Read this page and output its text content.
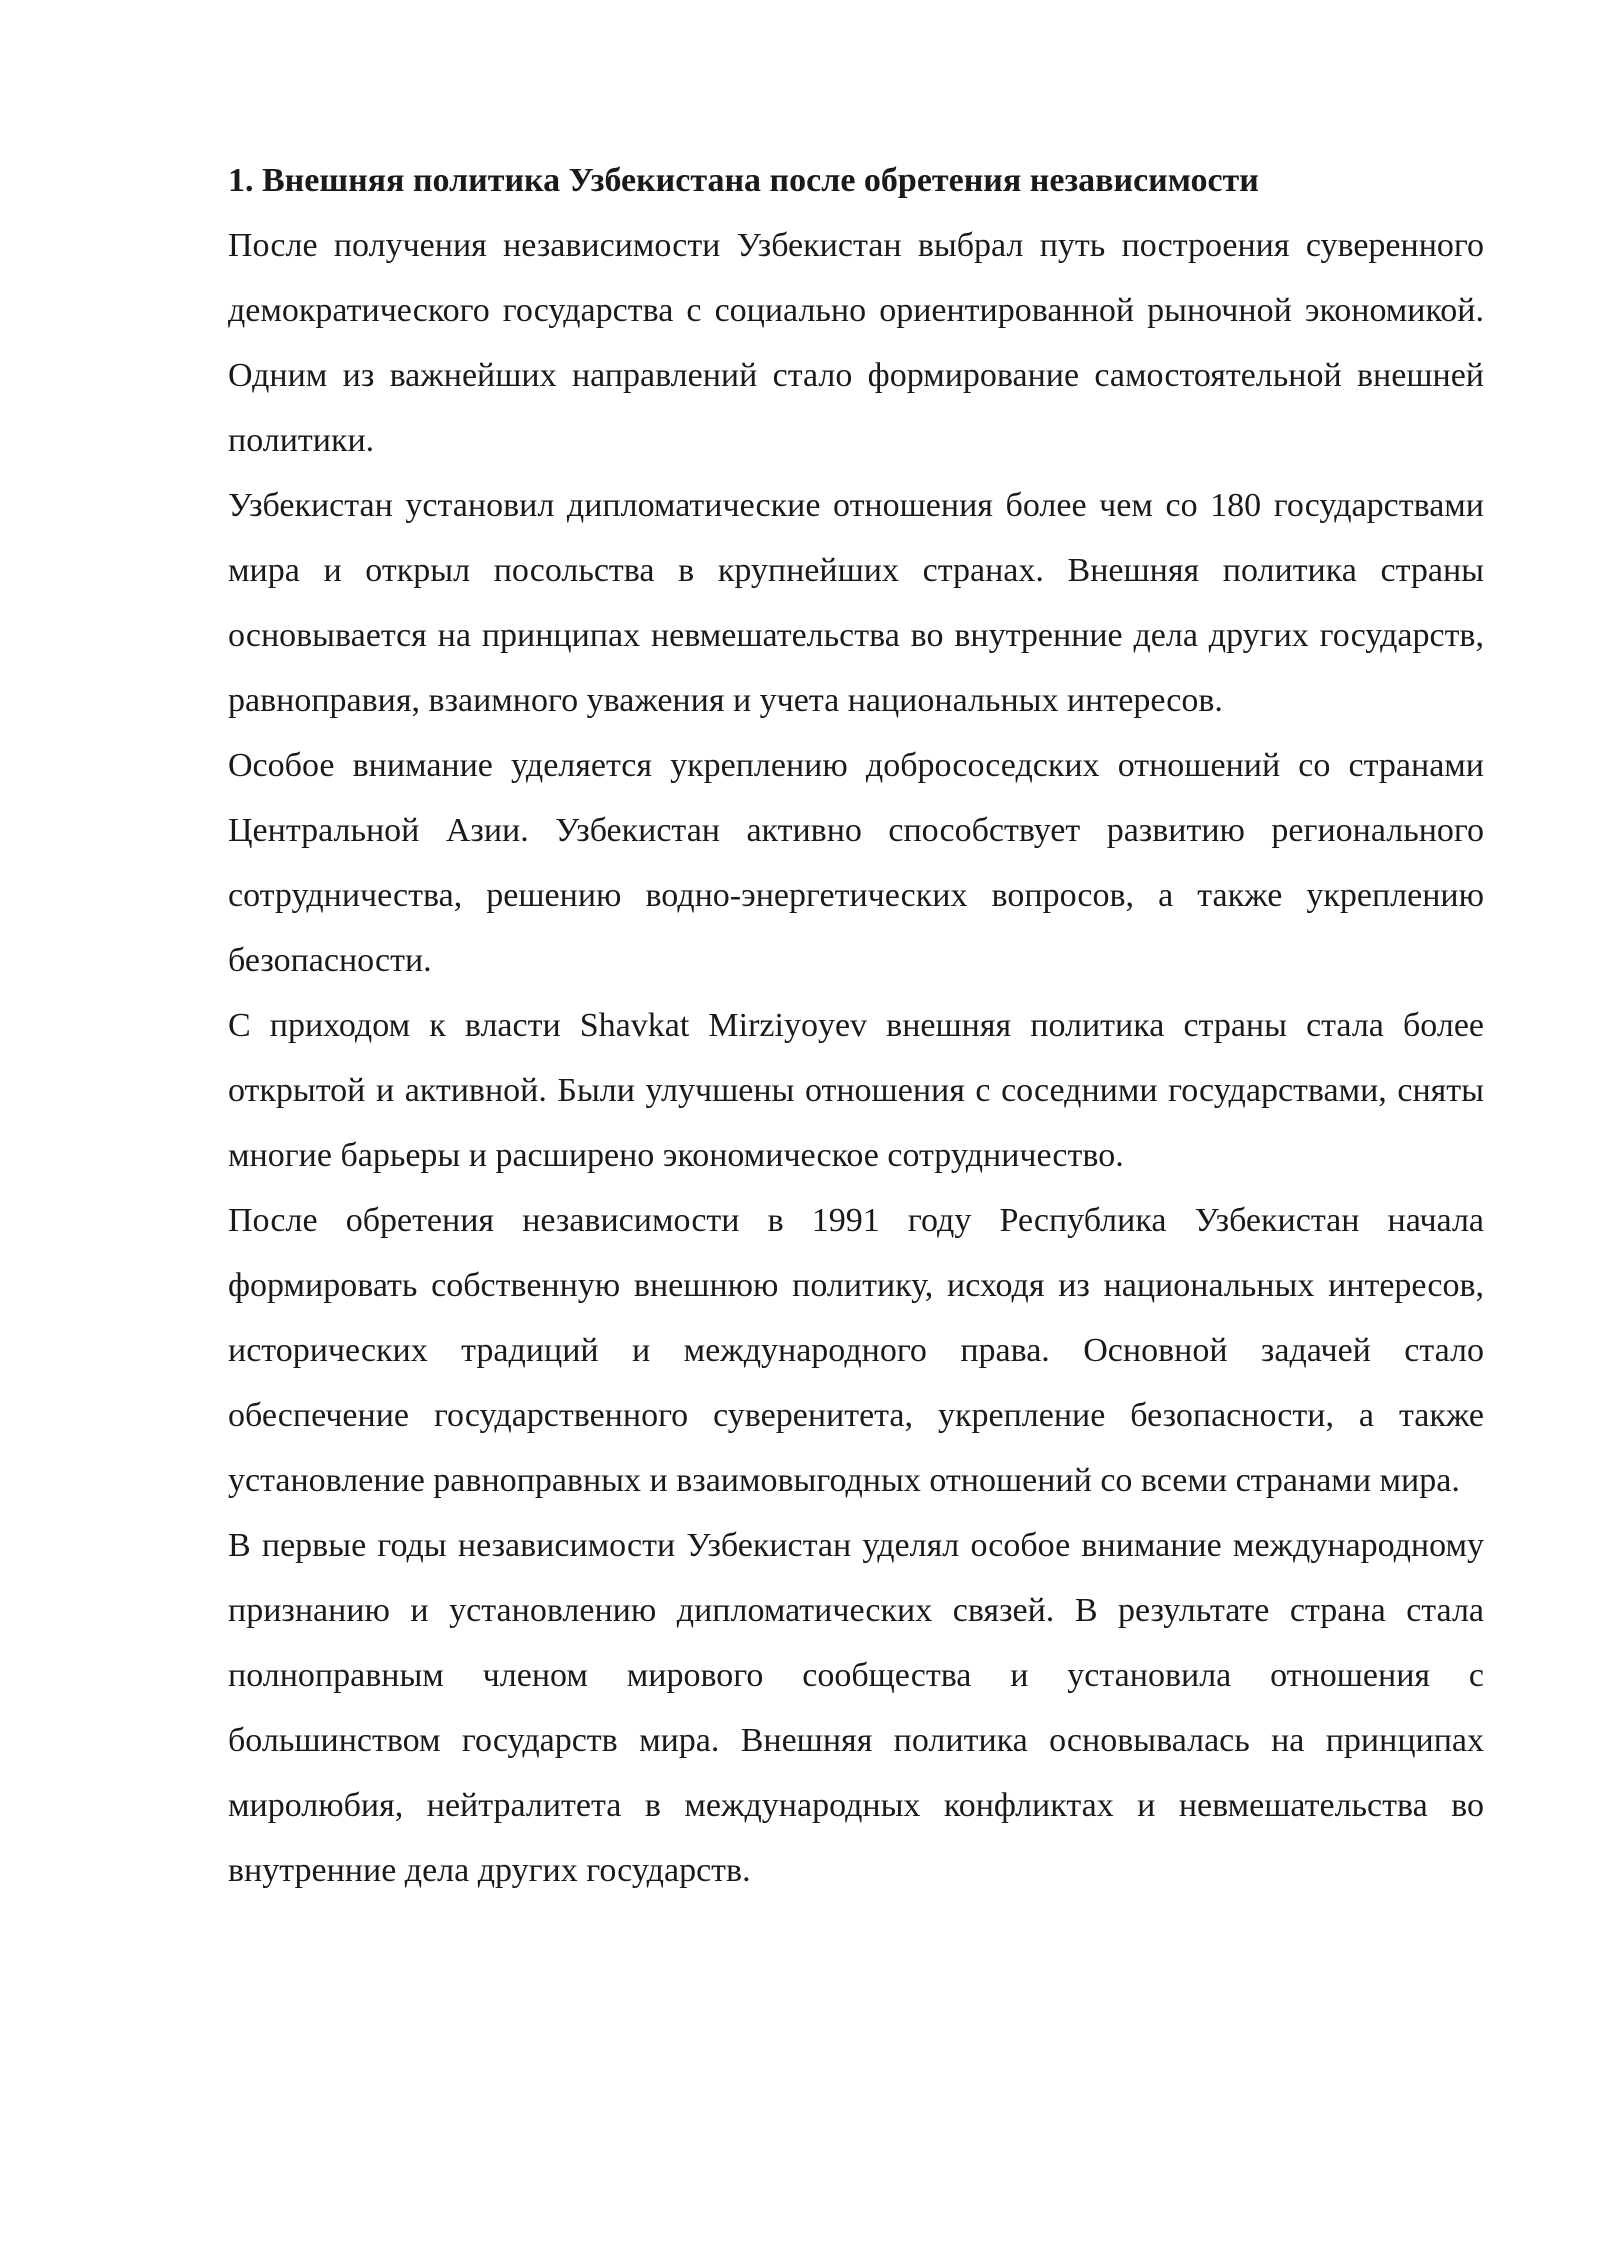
1. Внешняя политика Узбекистана после обретения независимости

После получения независимости Узбекистан выбрал путь построения суверенного демократического государства с социально ориентированной рыночной экономикой. Одним из важнейших направлений стало формирование самостоятельной внешней политики.

Узбекистан установил дипломатические отношения более чем со 180 государствами мира и открыл посольства в крупнейших странах. Внешняя политика страны основывается на принципах невмешательства во внутренние дела других государств, равноправия, взаимного уважения и учета национальных интересов.

Особое внимание уделяется укреплению добрососедских отношений со странами Центральной Азии. Узбекистан активно способствует развитию регионального сотрудничества, решению водно-энергетических вопросов, а также укреплению безопасности.

С приходом к власти Shavkat Mirziyoyev внешняя политика страны стала более открытой и активной. Были улучшены отношения с соседними государствами, сняты многие барьеры и расширено экономическое сотрудничество.

После обретения независимости в 1991 году Республика Узбекистан начала формировать собственную внешнюю политику, исходя из национальных интересов, исторических традиций и международного права. Основной задачей стало обеспечение государственного суверенитета, укрепление безопасности, а также установление равноправных и взаимовыгодных отношений со всеми странами мира.

В первые годы независимости Узбекистан уделял особое внимание международному признанию и установлению дипломатических связей. В результате страна стала полноправным членом мирового сообщества и установила отношения с большинством государств мира. Внешняя политика основывалась на принципах миролюбия, нейтралитета в международных конфликтах и невмешательства во внутренние дела других государств.
